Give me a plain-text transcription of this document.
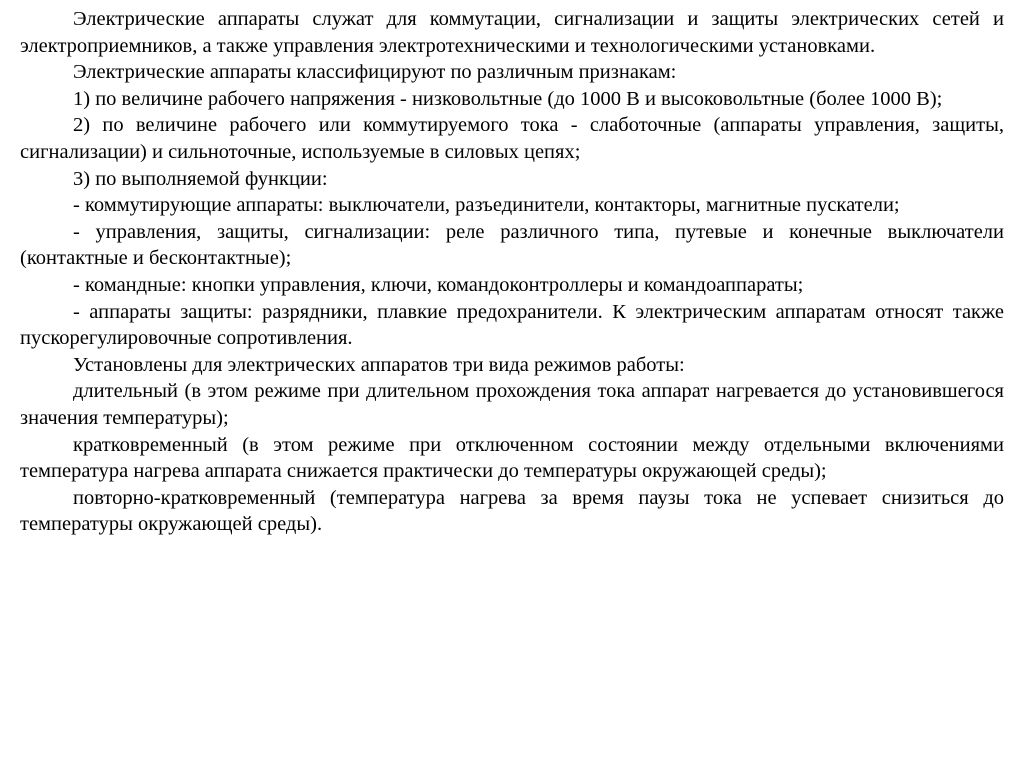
Электрические аппараты служат для коммутации, сигнализации и защиты электрических сетей и электроприемников, а также управления электротехническими и технологическими установками.

Электрические аппараты классифицируют по различным признакам:

1) по величине рабочего напряжения - низковольтные (до 1000 В и высоковольтные (более 1000 В);

2) по величине рабочего или коммутируемого тока - слаботочные (аппараты управления, защиты, сигнализации) и сильноточные, используемые в силовых цепях;

3) по выполняемой функции:

- коммутирующие аппараты: выключатели, разъединители, контакторы, магнитные пускатели;

- управления, защиты, сигнализации: реле различного типа, путевые и конечные выключатели (контактные и бесконтактные);

- командные: кнопки управления, ключи, командоконтроллеры и командоаппараты;

- аппараты защиты: разрядники, плавкие предохранители. К электрическим аппаратам относят также пускорегулировочные сопротивления.

Установлены для электрических аппаратов три вида режимов работы:

длительный (в этом режиме при длительном прохождения тока аппарат нагревается до установившегося значения температуры);

кратковременный (в этом режиме при отключенном состоянии между отдельными включениями температура нагрева аппарата снижается практически до температуры окружающей среды);

повторно-кратковременный (температура нагрева за время паузы тока не успевает снизиться до температуры окружающей среды).
